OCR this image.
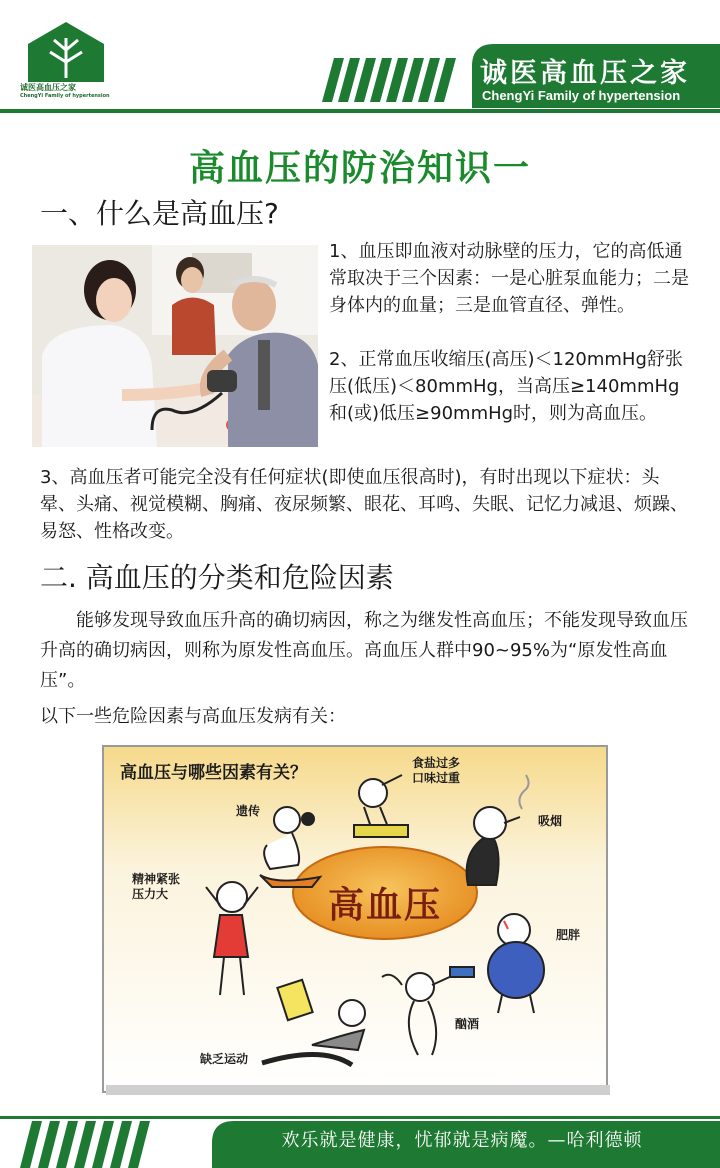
诚医高血压之家
ChengYi Family of hypertension
诚医高血压之家
ChengYi Family of hypertension
高血压的防治知识一
一、什么是高血压?
1、血压即血液对动脉壁的压力，它的高低通常取决于三个因素：一是心脏泵血能力；二是身体内的血量；三是血管直径、弹性。
2、正常血压收缩压(高压)＜120mmHg舒张压(低压)＜80mmHg，当高压≥140mmHg和(或)低压≥90mmHg时，则为高血压。
3、高血压者可能完全没有任何症状(即使血压很高时)，有时出现以下症状：头晕、头痛、视觉模糊、胸痛、夜尿频繁、眼花、耳鸣、失眠、记忆力减退、烦躁、易怒、性格改变。
二. 高血压的分类和危险因素
能够发现导致血压升高的确切病因，称之为继发性高血压；不能发现导致血压升高的确切病因，则称为原发性高血压。高血压人群中90~95%为“原发性高血压”。
以下一些危险因素与高血压发病有关：
高血压与哪些因素有关？
高血压
食盐过多
口味过重
吸烟
遗传
精神紧张
压力大
肥胖
酗酒
缺乏运动
欢乐就是健康，忧郁就是病魔。—哈利德顿
